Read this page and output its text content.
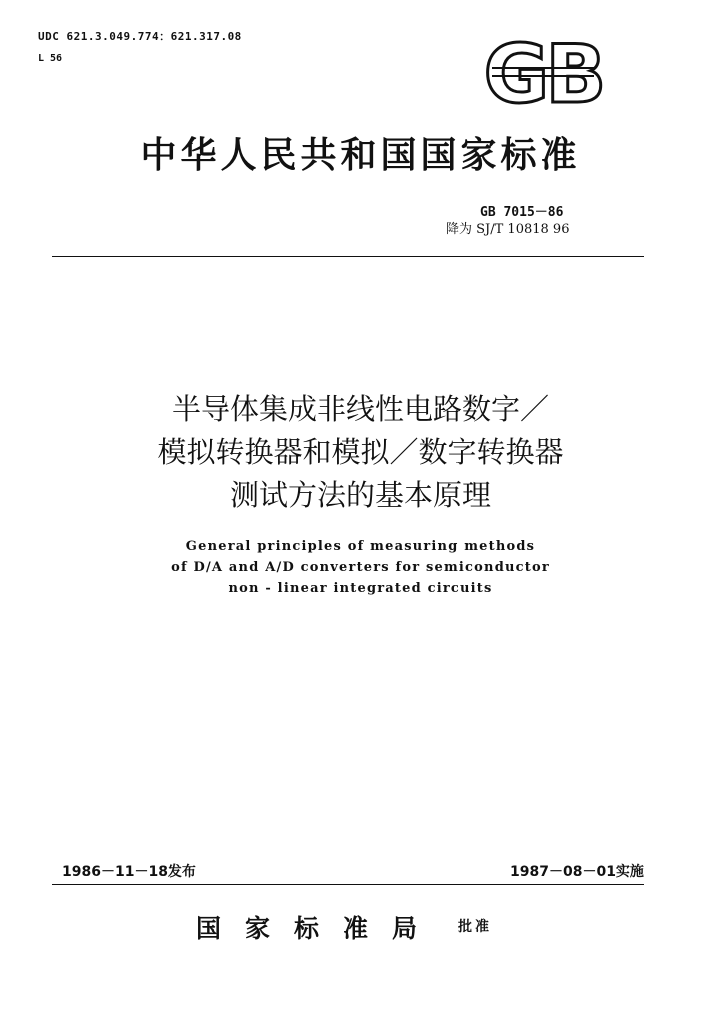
UDC 621.3.049.774：621.317.08
L 56	GB
中华人民共和国国家标准
GB 7015－86
降为 SJ/T 10818 96
半导体集成非线性电路数字／
模拟转换器和模拟／数字转换器
测试方法的基本原理
General principles of measuring methods
of D/A and A/D converters for semiconductor
non - linear integrated circuits
1986－11－18发布	1987－08－01实施
国家标准局 批准
